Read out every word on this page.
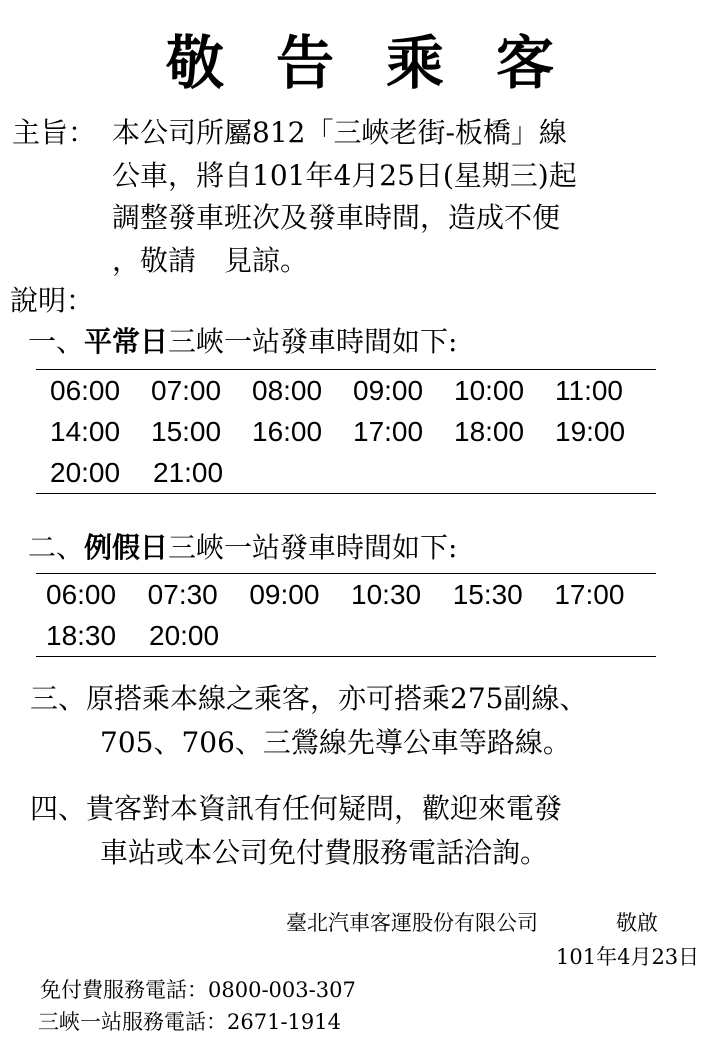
敬告乘客
主旨： 本公司所屬812「三峽老街-板橋」線
公車，將自101年4月25日(星期三)起
調整發車班次及發車時間，造成不便
，敬請　見諒。
說明：
一、平常日三峽一站發車時間如下:
06:00	07:00	08:00	09:00	10:00	11:00
14:00	15:00	16:00	17:00	18:00	19:00
20:00	21:00
二、例假日三峽一站發車時間如下:
06:00	07:30	09:00	10:30	15:30	17:00
18:30	20:00
三、原搭乘本線之乘客，亦可搭乘275副線、
705、706、三鶯線先導公車等路線。
四、貴客對本資訊有任何疑問，歡迎來電發
車站或本公司免付費服務電話洽詢。
臺北汽車客運股份有限公司	敬啟
101年4月23日
免付費服務電話：0800-003-307
三峽一站服務電話：2671-1914
